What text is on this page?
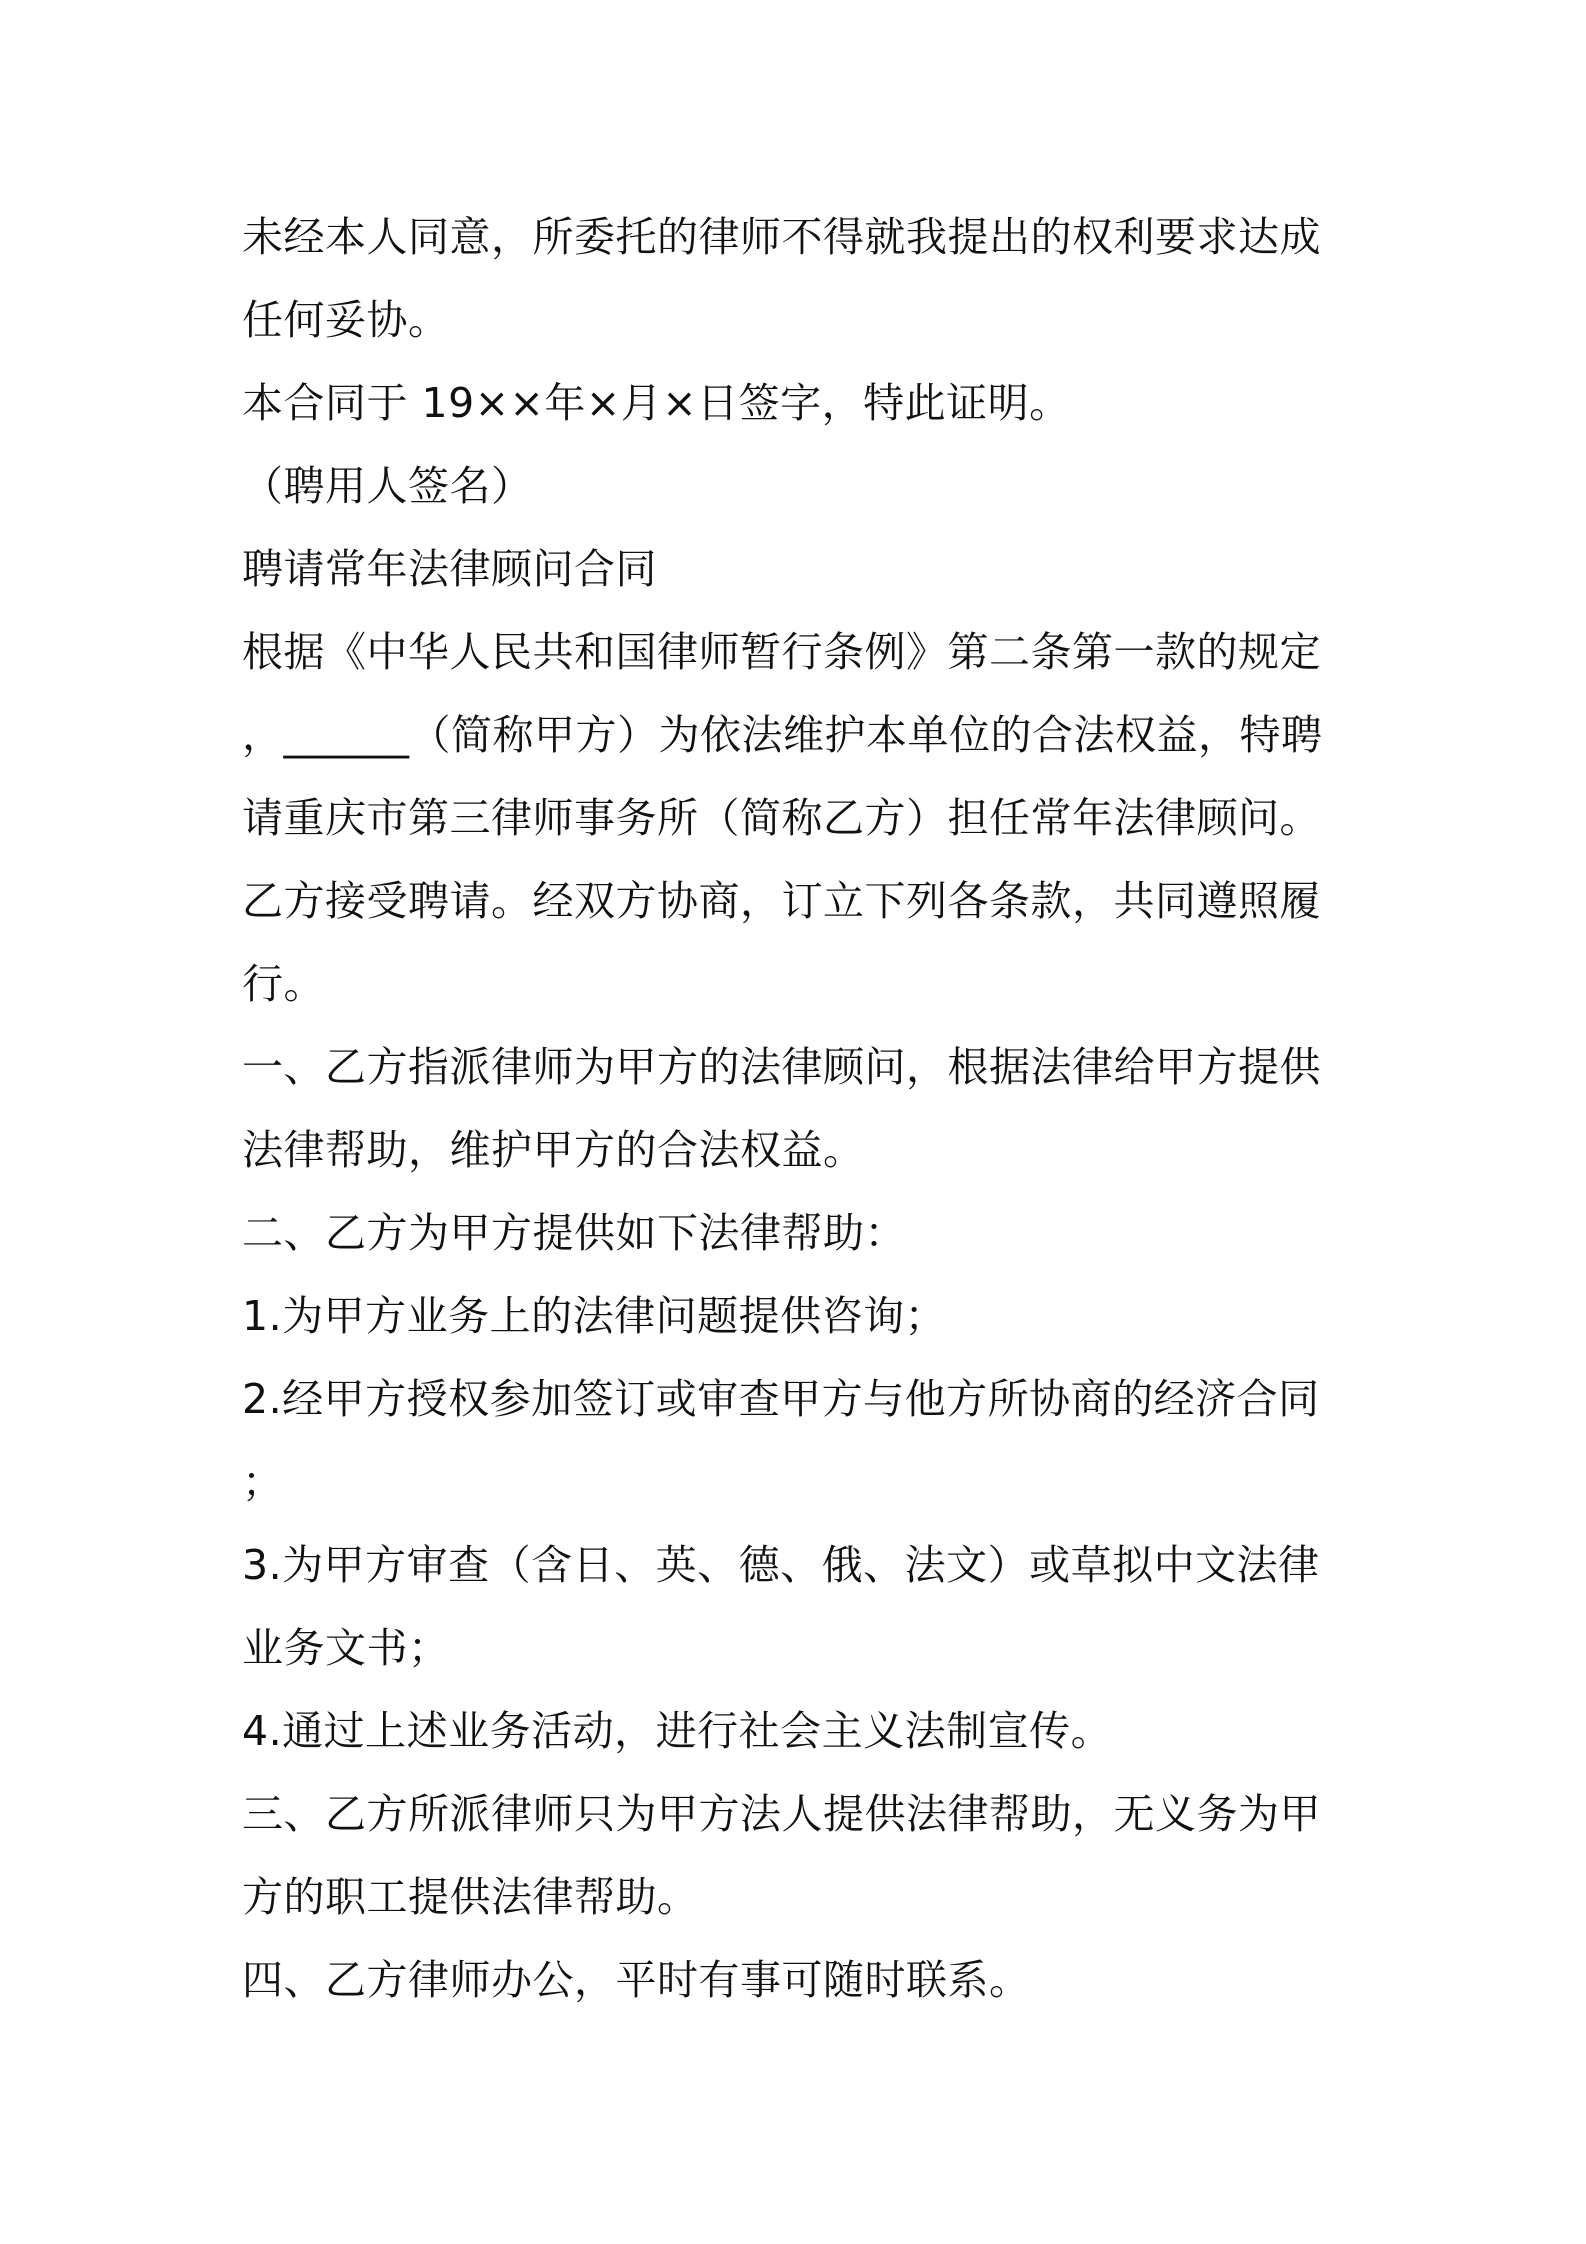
未经本人同意，所委托的律师不得就我提出的权利要求达成
任何妥协。
本合同于 19××年×月×日签字，特此证明。
（聘用人签名）
聘请常年法律顾问合同
根据《中华人民共和国律师暂行条例》第二条第一款的规定
，______（简称甲方）为依法维护本单位的合法权益，特聘
请重庆市第三律师事务所（简称乙方）担任常年法律顾问。
乙方接受聘请。经双方协商，订立下列各条款，共同遵照履
行。
一、乙方指派律师为甲方的法律顾问，根据法律给甲方提供
法律帮助，维护甲方的合法权益。
二、乙方为甲方提供如下法律帮助：
1.为甲方业务上的法律问题提供咨询；
2.经甲方授权参加签订或审查甲方与他方所协商的经济合同
；
3.为甲方审查（含日、英、德、俄、法文）或草拟中文法律
业务文书；
4.通过上述业务活动，进行社会主义法制宣传。
三、乙方所派律师只为甲方法人提供法律帮助，无义务为甲
方的职工提供法律帮助。
四、乙方律师办公，平时有事可随时联系。
